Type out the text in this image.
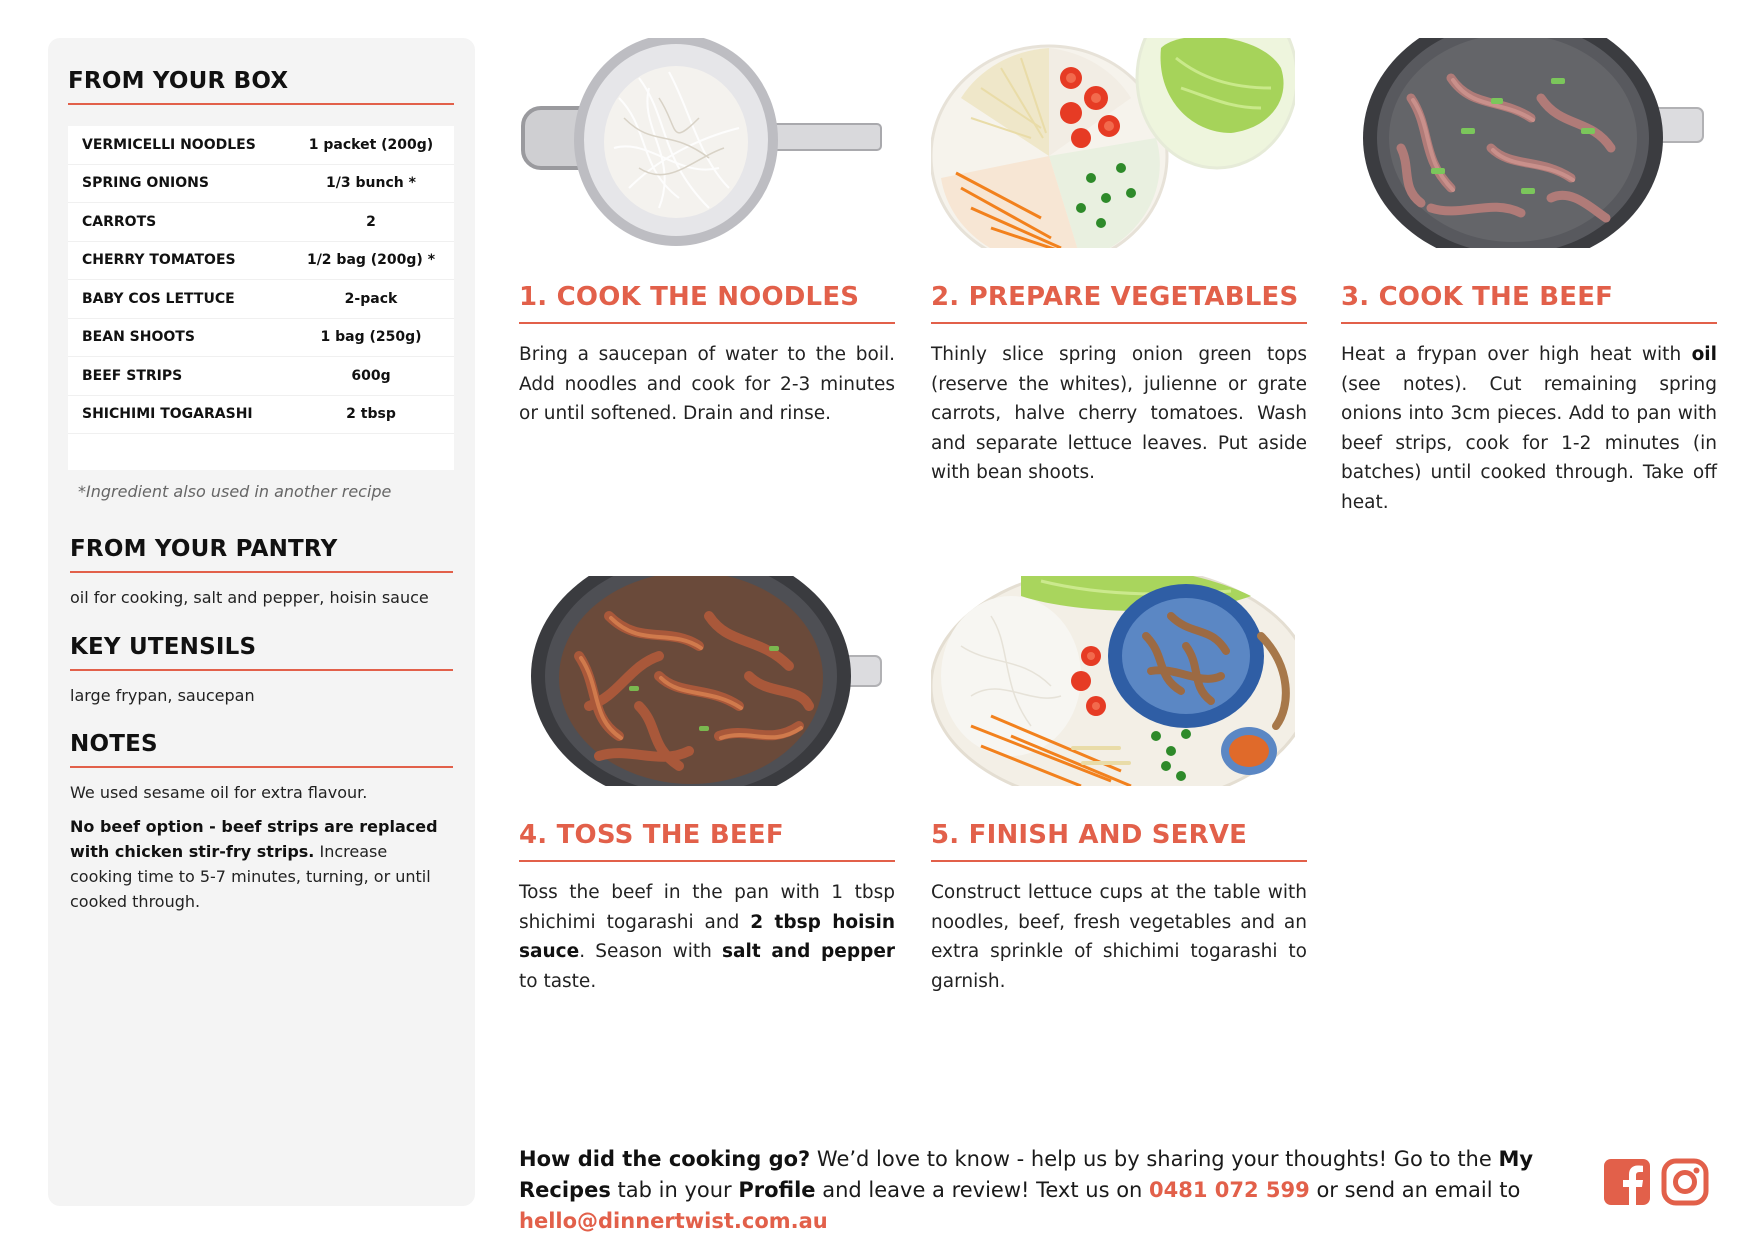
FROM YOUR BOX
VERMICELLI NOODLES	1 packet (200g)
SPRING ONIONS	1/3 bunch *
CARROTS	2
CHERRY TOMATOES	1/2 bag (200g) *
BABY COS LETTUCE	2-pack
BEAN SHOOTS	1 bag (250g)
BEEF STRIPS	600g
SHICHIMI TOGARASHI	2 tbsp
*Ingredient also used in another recipe
FROM YOUR PANTRY
oil for cooking, salt and pepper, hoisin sauce
KEY UTENSILS
large frypan, saucepan
NOTES
We used sesame oil for extra flavour.
No beef option - beef strips are replaced with chicken stir-fry strips. Increase cooking time to 5-7 minutes, turning, or until cooked through.
1. COOK THE NOODLES
Bring a saucepan of water to the boil. Add noodles and cook for 2-3 minutes or until softened. Drain and rinse.
2. PREPARE VEGETABLES
Thinly slice spring onion green tops (reserve the whites), julienne or grate carrots, halve cherry tomatoes. Wash and separate lettuce leaves. Put aside with bean shoots.
3. COOK THE BEEF
Heat a frypan over high heat with oil (see notes). Cut remaining spring onions into 3cm pieces. Add to pan with beef strips, cook for 1-2 minutes (in batches) until cooked through. Take off heat.
4. TOSS THE BEEF
Toss the beef in the pan with 1 tbsp shichimi togarashi and 2 tbsp hoisin sauce. Season with salt and pepper to taste.
5. FINISH AND SERVE
Construct lettuce cups at the table with noodles, beef, fresh vegetables and an extra sprinkle of shichimi togarashi to garnish.
How did the cooking go? We’d love to know - help us by sharing your thoughts! Go to the My Recipes tab in your Profile and leave a review! Text us on 0481 072 599 or send an email to hello@dinnertwist.com.au
